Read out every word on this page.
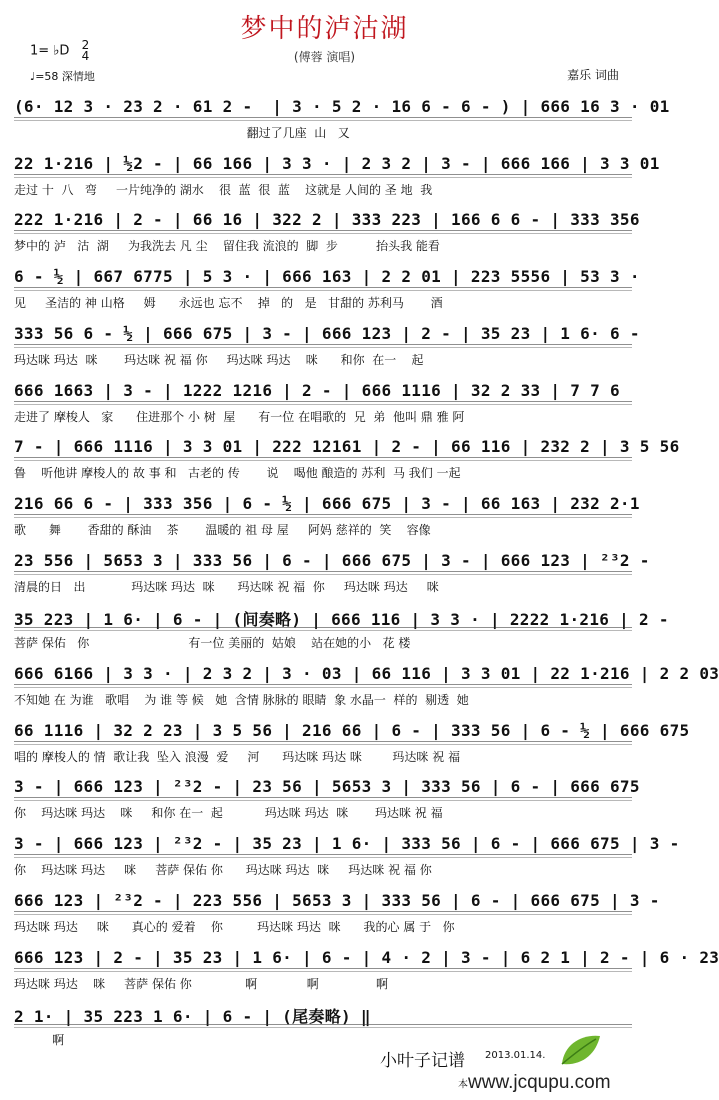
梦中的泸沽湖
(傅蓉 演唱)
1= ♭D 2
4
♩=58 深情地	嘉乐 词曲
(6· 12 3 · 23 2 · 61 2 -  | 3 · 5 2 · 16 6 - 6 - ) | 666 16 3 · 01
翻过了几座  山   又
22 1·216 | ½2 - | 66 166 | 3 3 · | 2 3 2 | 3 - | 666 166 | 3 3 01
走过 十  八   弯     一片纯净的 湖水    很  蓝  很  蓝    这就是 人间的 圣 地  我
222 1·216 | 2 - | 66 16 | 322 2 | 333 223 | 166 6 6 - | 333 356
梦中的 泸   沽  湖     为我洗去 凡 尘    留住我 流浪的  脚  步          抬头我 能看
6 - ½ | 667 6775 | 5 3 · | 666 163 | 2 2 01 | 223 5556 | 53 3 ·
见     圣洁的 神 山格     姆      永远也 忘不    掉   的   是   甘甜的 苏利马       酒
333 56 6 - ½ | 666 675 | 3 - | 666 123 | 2 - | 35 23 | 1 6· 6 -
玛达咪 玛达  咪       玛达咪 祝 福 你     玛达咪 玛达    咪      和你  在一    起
666 1663 | 3 - | 1222 1216 | 2 - | 666 1116 | 32 2 33 | 7 7 6
走进了 摩梭人   家      住进那个 小 树  屋      有一位 在唱歌的  兄  弟  他叫 鼎 雅 阿
7 - | 666 1116 | 3 3 01 | 222 12161 | 2 - | 66 116 | 232 2 | 3 5 56
鲁    听他讲 摩梭人的 故 事 和   古老的 传       说    喝他 酿造的 苏利  马 我们 一起
216 66 6 - | 333 356 | 6 - ½ | 666 675 | 3 - | 66 163 | 232 2·1
歌      舞       香甜的 酥油    茶       温暖的 祖 母 屋     阿妈 慈祥的  笑    容像
23 556 | 5653 3 | 333 56 | 6 - | 666 675 | 3 - | 666 123 | ²³2 -
清晨的日   出            玛达咪 玛达  咪      玛达咪 祝 福  你     玛达咪 玛达     咪
35 223 | 1 6· | 6 - | (间奏略) | 666 116 | 3 3 · | 2222 1·216 | 2 -
菩萨 保佑   你                          有一位 美丽的  姑娘    站在她的小   花 楼
666 6166 | 3 3 · | 2 3 2 | 3 · 03 | 66 116 | 3 3 01 | 22 1·216 | 2 2 03
不知她 在 为谁   歌唱    为 谁 等 候   她  含情 脉脉的 眼睛  象 水晶一  样的  剔透  她
66 1116 | 32 2 23 | 3 5 56 | 216 66 | 6 - | 333 56 | 6 - ½ | 666 675
唱的 摩梭人的 情  歌让我  坠入 浪漫  爱     河      玛达咪 玛达 咪        玛达咪 祝 福
3 - | 666 123 | ²³2 - | 23 56 | 5653 3 | 333 56 | 6 - | 666 675
你    玛达咪 玛达    咪     和你 在一  起           玛达咪 玛达  咪       玛达咪 祝 福
3 - | 666 123 | ²³2 - | 35 23 | 1 6· | 333 56 | 6 - | 666 675 | 3 -
你    玛达咪 玛达     咪     菩萨 保佑 你      玛达咪 玛达  咪     玛达咪 祝 福 你
666 123 | ²³2 - | 223 556 | 5653 3 | 333 56 | 6 - | 666 675 | 3 -
玛达咪 玛达     咪      真心的 爱着    你         玛达咪 玛达  咪      我的心 属 于   你
666 123 | 2 - | 35 23 | 1 6· | 6 - | 4 · 2 | 3 - | 6 2 1 | 2 - | 6 · 23
玛达咪 玛达    咪     菩萨 保佑 你              啊             啊               啊
2 1· | 35 223 1 6· | 6 - | (尾奏略) ‖
啊
小叶子记谱 2013.01.14.
本www.jcqupu.com
